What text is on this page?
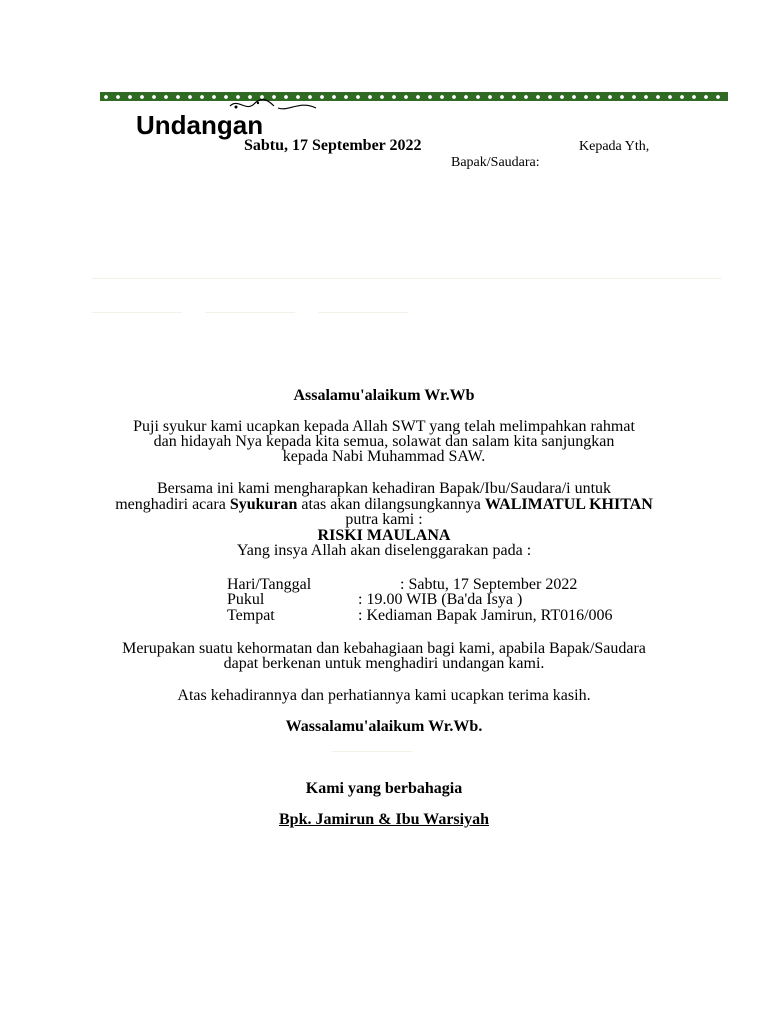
Undangan
Sabtu, 17 September 2022	Kepada Yth,
Bapak/Saudara:
Assalamu'alaikum Wr.Wb
Puji syukur kami ucapkan kepada Allah SWT yang telah melimpahkan rahmat
dan hidayah Nya kepada kita semua, solawat dan salam kita sanjungkan
kepada Nabi Muhammad SAW.
Bersama ini kami mengharapkan kehadiran Bapak/Ibu/Saudara/i untuk
menghadiri acara Syukuran atas akan dilangsungkannya WALIMATUL KHITAN
putra kami :
RISKI MAULANA
Yang insya Allah akan diselenggarakan pada :
Hari/Tanggal	: Sabtu, 17 September 2022
Pukul	: 19.00 WIB (Ba'da Isya )
Tempat	: Kediaman Bapak Jamirun, RT016/006
Merupakan suatu kehormatan dan kebahagiaan bagi kami, apabila Bapak/Saudara
dapat berkenan untuk menghadiri undangan kami.
Atas kehadirannya dan perhatiannya kami ucapkan terima kasih.
Wassalamu'alaikum Wr.Wb.
Kami yang berbahagia
Bpk. Jamirun & Ibu Warsiyah
